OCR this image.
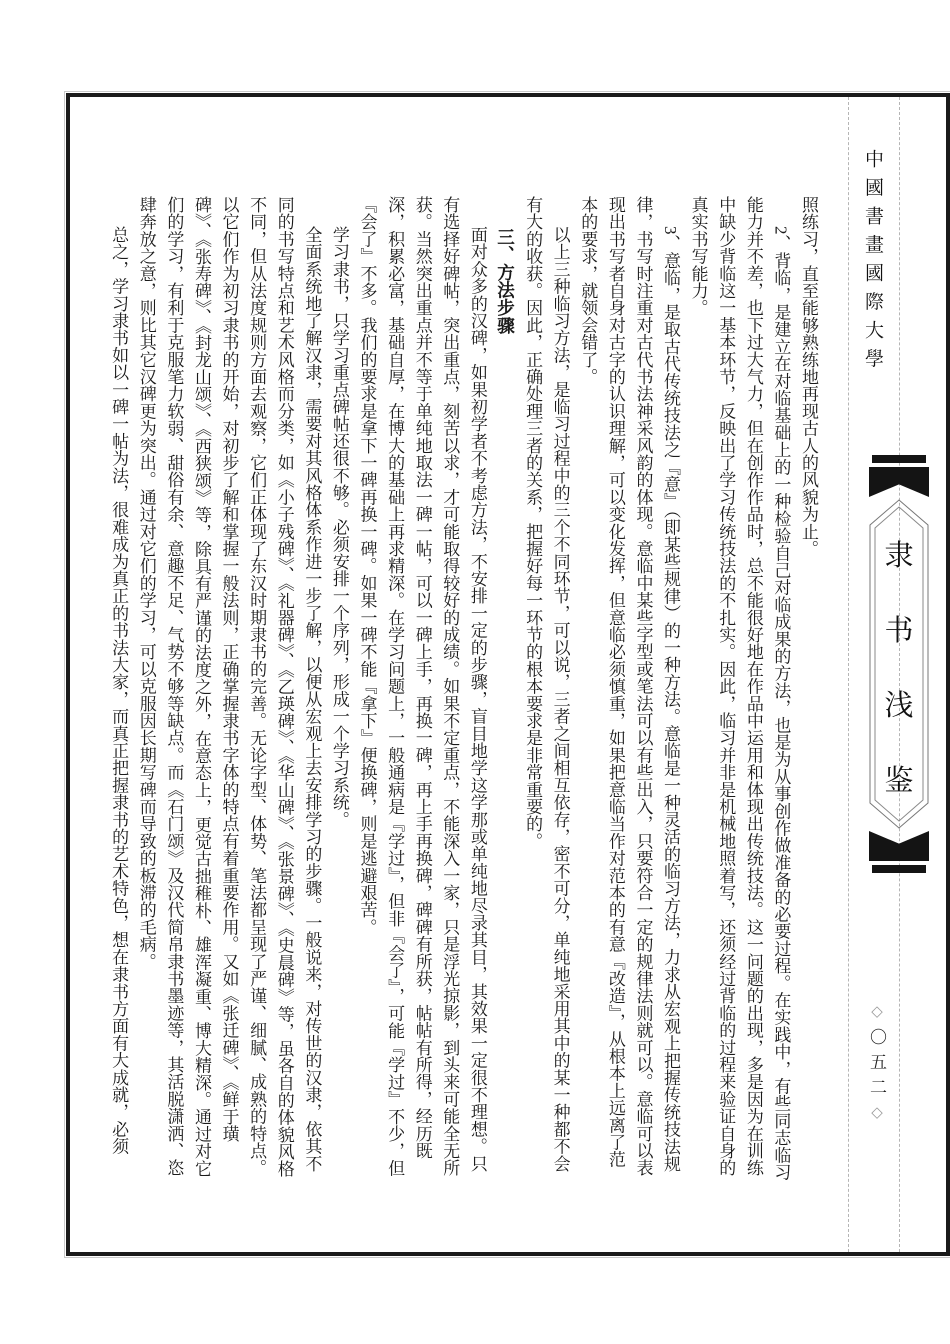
照练习，直至能够熟练地再现古人的风貌为止。

2、背临，是建立在对临基础上的一种检验自己对临成果的方法，也是为从事创作做准备的必要过程。在实践中，有些同志临习能力并不差，也下过大气力，但在创作作品时，总不能很好地在作品中运用和体现出传统技法。这一问题的出现，多是因为在训练中缺少背临这一基本环节，反映出了学习传统技法的不扎实。因此，临习并非是机械地照着写，还须经过背临的过程来验证自身的真实书写能力。

3、意临，是取古代传统技法之『意』（即某些规律）的一种方法。意临是一种灵活的临习方法，力求从宏观上把握传统技法规律，书写时注重对古代书法神采风韵的体现。意临中某些字型或笔法可以有些出入，只要符合一定的规律法则就可以。意临可以表现出书写者自身对古字的认识理解，可以变化发挥，但意临必须慎重，如果把意临当作对范本的有意『改造』，从根本上远离了范本的要求，就领会错了。

以上三种临习方法，是临习过程中的三个不同环节，可以说，三者之间相互依存，密不可分，单纯地采用其中的某一种都不会有大的收获。因此，正确处理三者的关系，把握好每一环节的根本要求是非常重要的。

三、方法步骤

面对众多的汉碑，如果初学者不考虑方法，不安排一定的步骤，盲目地学这学那或单纯地尽录其目，其效果一定很不理想。只有选择好碑帖，突出重点，刻苦以求，才可能取得较好的成绩。如果不定重点，不能深入一家，只是浮光掠影，到头来可能全无所获。当然突出重点并不等于单纯地取法一碑一帖，可以一碑上手，再换一碑，再上手再换碑，碑碑有所获，帖帖有所得，经历既深，积累必富，基础自厚，在博大的基础上再求精深。在学习问题上，一般通病是『学过』，但非『会了』，可能『学过』不少，但『会了』不多。我们的要求是拿下一碑再换一碑。如果一碑不能『拿下』便换碑，则是逃避艰苦。

学习隶书，只学习重点碑帖还很不够。必须安排一个序列，形成一个学习系统。

全面系统地了解汉隶，需要对其风格体系作进一步了解，以便从宏观上去安排学习的步骤。一般说来，对传世的汉隶，依其不同的书写特点和艺术风格而分类，如《小子残碑》、《礼器碑》、《乙瑛碑》、《华山碑》、《张景碑》、《史晨碑》等，虽各自的体貌风格不同，但从法度规则方面去观察，它们正体现了东汉时期隶书的完善。无论字型、体势、笔法都呈现了严谨、细腻、成熟的特点。以它们作为初习隶书的开始，对初步了解和掌握一般法则，正确掌握隶书字体的特点有着重要作用。又如《张迁碑》、《鲜于璜碑》、《张寿碑》、《封龙山颂》、《西狭颂》等，除具有严谨的法度之外，在意态上，更觉古拙稚朴、雄浑凝重、博大精深。通过对它们的学习，有利于克服笔力软弱、甜俗有余、意趣不足、气势不够等缺点。而《石门颂》及汉代简帛隶书墨迹等，其活脱潇洒、恣肆奔放之意，则比其它汉碑更为突出。通过对它们的学习，可以克服因长期写碑而导致的板滞的毛病。

总之，学习隶书如以一碑一帖为法，很难成为真正的书法大家，而真正把握隶书的艺术特色，想在隶书方面有大成就，必须	中國書畫國際大學
隶
书
浅
鉴
◇〇五二◇
